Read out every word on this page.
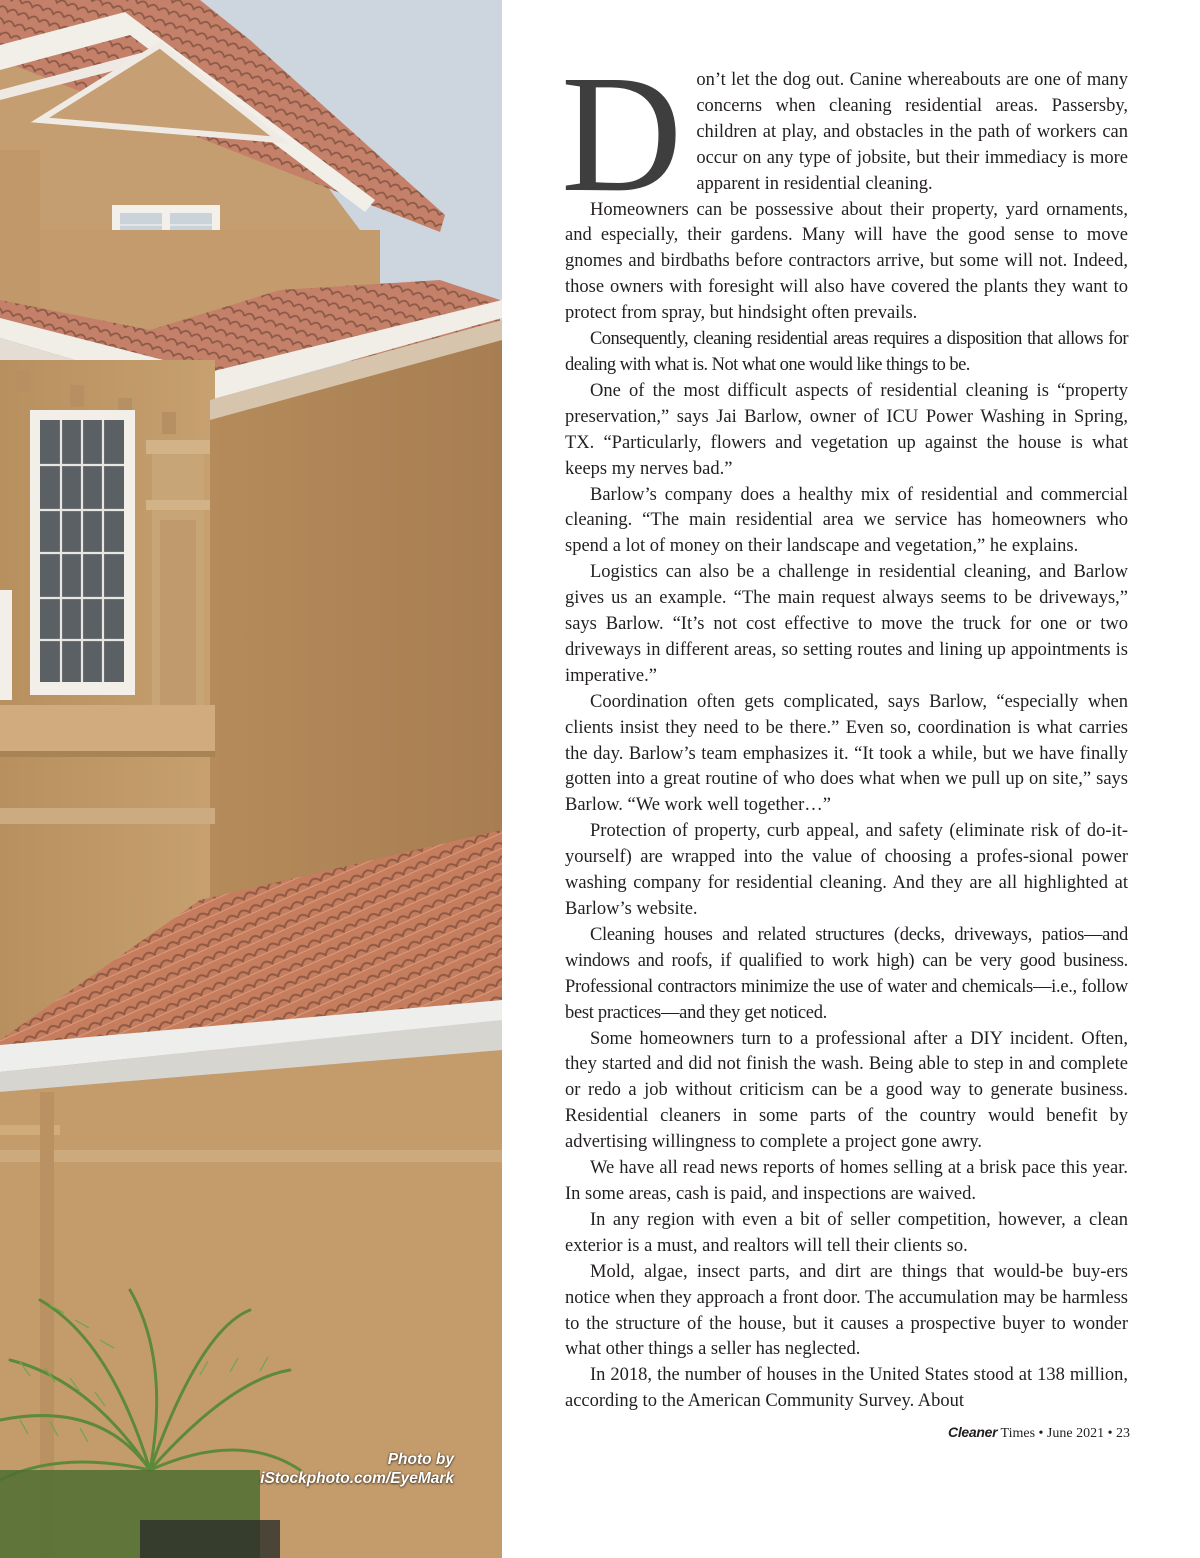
Photo by
iStockphoto.com/EyeMark
D on’t let the dog out. Canine whereabouts are one of many concerns when cleaning residential areas. Passersby, children at play, and obstacles in the path of workers can occur on any type of jobsite, but their immediacy is more apparent in residential cleaning.

Homeowners can be possessive about their property, yard ornaments, and especially, their gardens. Many will have the good sense to move gnomes and birdbaths before contractors arrive, but some will not. Indeed, those owners with foresight will also have covered the plants they want to protect from spray, but hindsight often prevails.

Consequently, cleaning residential areas requires a disposition that allows for dealing with what is. Not what one would like things to be.

One of the most difficult aspects of residential cleaning is “property preservation,” says Jai Barlow, owner of ICU Power Washing in Spring, TX. “Particularly, flowers and vegetation up against the house is what keeps my nerves bad.”

Barlow’s company does a healthy mix of residential and commercial cleaning. “The main residential area we service has homeowners who spend a lot of money on their landscape and vegetation,” he explains.

Logistics can also be a challenge in residential cleaning, and Barlow gives us an example. “The main request always seems to be driveways,” says Barlow. “It’s not cost effective to move the truck for one or two driveways in different areas, so setting routes and lining up appointments is imperative.”

Coordination often gets complicated, says Barlow, “especially when clients insist they need to be there.” Even so, coordination is what carries the day. Barlow’s team emphasizes it. “It took a while, but we have finally gotten into a great routine of who does what when we pull up on site,” says Barlow. “We work well together…”

Protection of property, curb appeal, and safety (eliminate risk of do-it-yourself) are wrapped into the value of choosing a profes-sional power washing company for residential cleaning. And they are all highlighted at Barlow’s website.

Cleaning houses and related structures (decks, driveways, patios—and windows and roofs, if qualified to work high) can be very good business. Professional contractors minimize the use of water and chemicals—i.e., follow best practices—and they get noticed.

Some homeowners turn to a professional after a DIY incident. Often, they started and did not finish the wash. Being able to step in and complete or redo a job without criticism can be a good way to generate business. Residential cleaners in some parts of the country would benefit by advertising willingness to complete a project gone awry.

We have all read news reports of homes selling at a brisk pace this year. In some areas, cash is paid, and inspections are waived.

In any region with even a bit of seller competition, however, a clean exterior is a must, and realtors will tell their clients so.

Mold, algae, insect parts, and dirt are things that would-be buy-ers notice when they approach a front door. The accumulation may be harmless to the structure of the house, but it causes a prospective buyer to wonder what other things a seller has neglected.

In 2018, the number of houses in the United States stood at 138 million, according to the American Community Survey. About

Cleaner Times • June 2021 • 23
